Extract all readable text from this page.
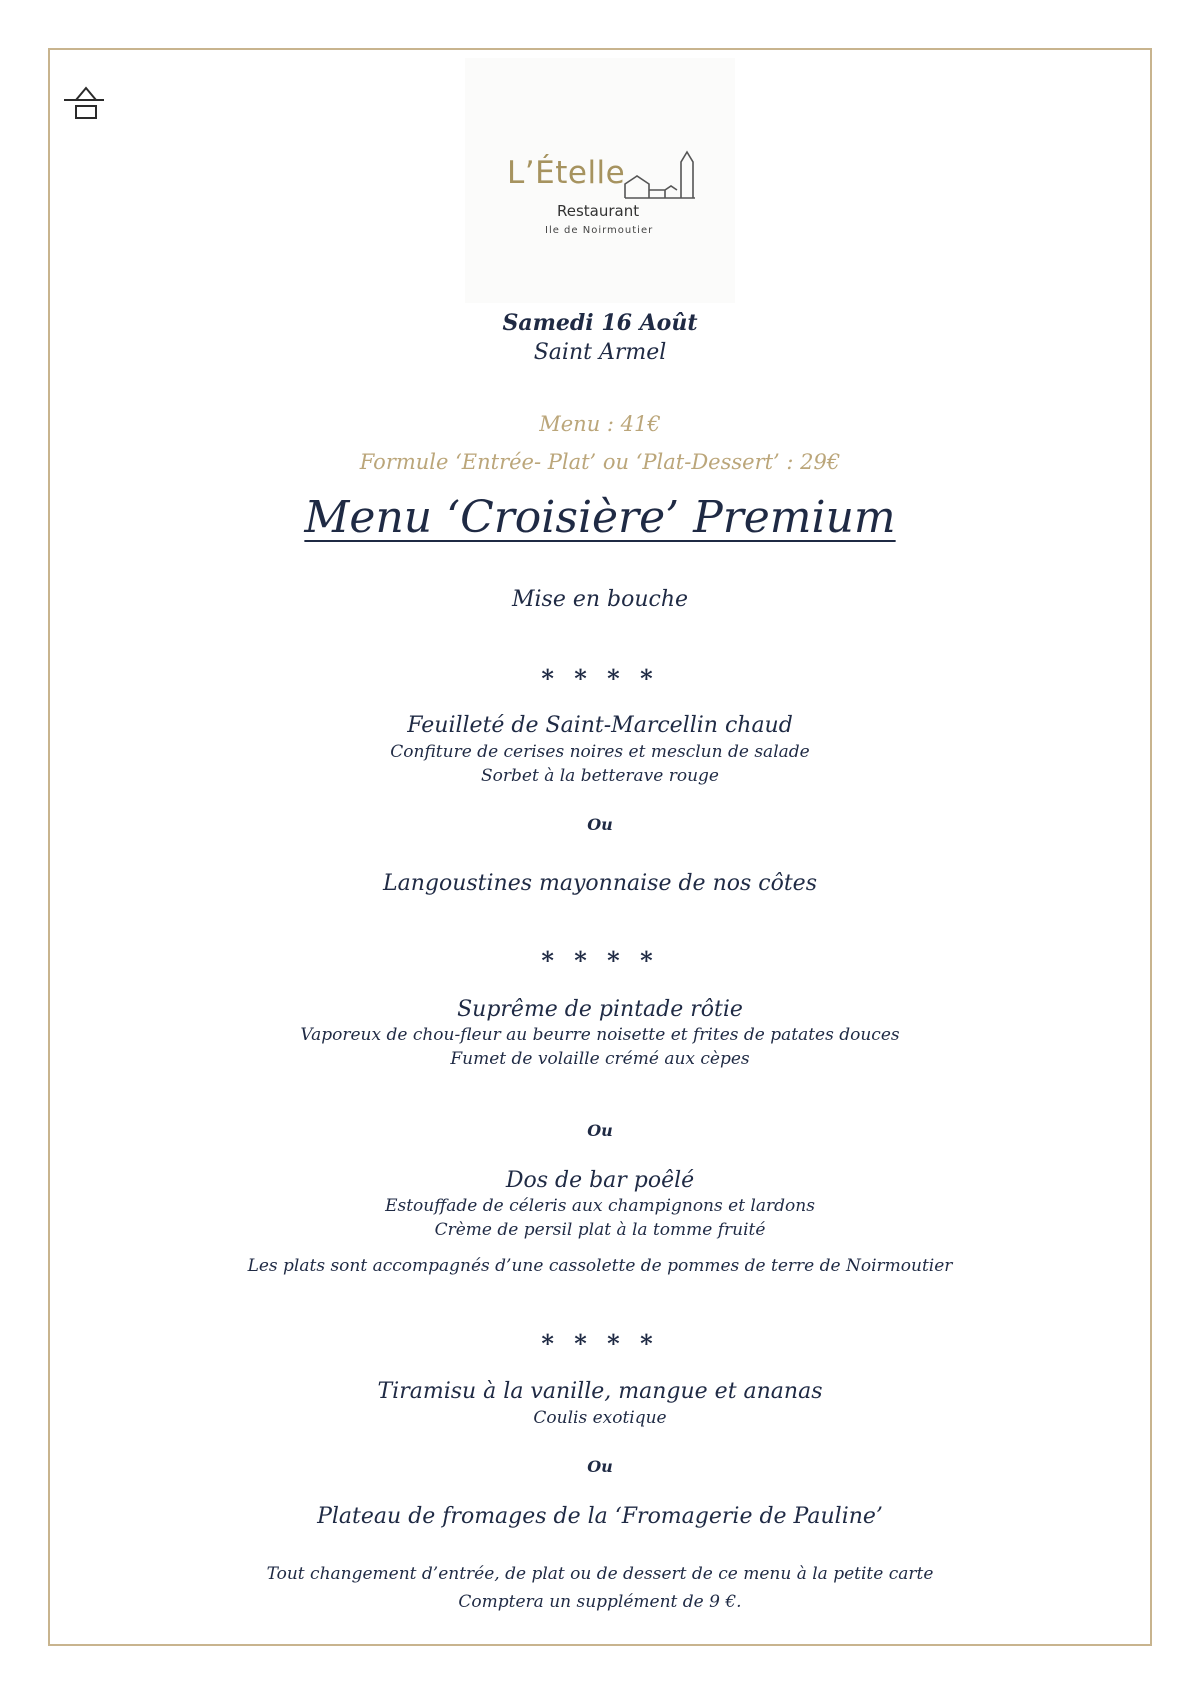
L’Ételle
Restaurant
Ile de Noirmoutier
Samedi 16 Août
Saint Armel
Menu : 41€
Formule ‘Entrée- Plat’ ou ‘Plat-Dessert’ : 29€
Menu ‘Croisière’ Premium
Mise en bouche
* * * *
Feuilleté de Saint-Marcellin chaud
Confiture de cerises noires et mesclun de salade
Sorbet à la betterave rouge
Ou
Langoustines mayonnaise de nos côtes
* * * *
Suprême de pintade rôtie
Vaporeux de chou-fleur au beurre noisette et frites de patates douces
Fumet de volaille crémé aux cèpes
Ou
Dos de bar poêlé
Estouffade de céleris aux champignons et lardons
Crème de persil plat à la tomme fruité
Les plats sont accompagnés d’une cassolette de pommes de terre de Noirmoutier
* * * *
Tiramisu à la vanille, mangue et ananas
Coulis exotique
Ou
Plateau de fromages de la ‘Fromagerie de Pauline’
Tout changement d’entrée, de plat ou de dessert de ce menu à la petite carte
Comptera un supplément de 9 €.
